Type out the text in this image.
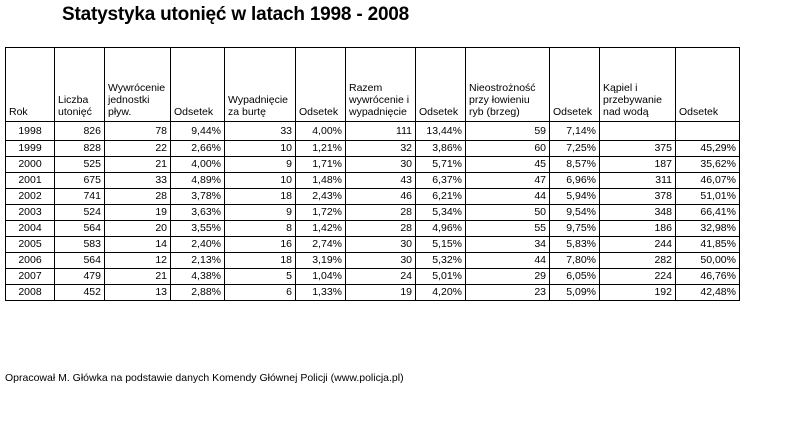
Statystyka utonięć w latach 1998 - 2008
Rok	Liczba utonięć	Wywrócenie jednostki pływ.	Odsetek	Wypadnięcie za burtę	Odsetek	Razem wywrócenie i wypadnięcie	Odsetek	Nieostrożność przy łowieniu ryb (brzeg)	Odsetek	Kąpiel i przebywanie nad wodą	Odsetek
1998	826	78	9,44%	33	4,00%	111	13,44%	59	7,14%		
1999	828	22	2,66%	10	1,21%	32	3,86%	60	7,25%	375	45,29%
2000	525	21	4,00%	9	1,71%	30	5,71%	45	8,57%	187	35,62%
2001	675	33	4,89%	10	1,48%	43	6,37%	47	6,96%	311	46,07%
2002	741	28	3,78%	18	2,43%	46	6,21%	44	5,94%	378	51,01%
2003	524	19	3,63%	9	1,72%	28	5,34%	50	9,54%	348	66,41%
2004	564	20	3,55%	8	1,42%	28	4,96%	55	9,75%	186	32,98%
2005	583	14	2,40%	16	2,74%	30	5,15%	34	5,83%	244	41,85%
2006	564	12	2,13%	18	3,19%	30	5,32%	44	7,80%	282	50,00%
2007	479	21	4,38%	5	1,04%	24	5,01%	29	6,05%	224	46,76%
2008	452	13	2,88%	6	1,33%	19	4,20%	23	5,09%	192	42,48%
Opracował M. Główka na podstawie danych Komendy Głównej Policji (www.policja.pl)
